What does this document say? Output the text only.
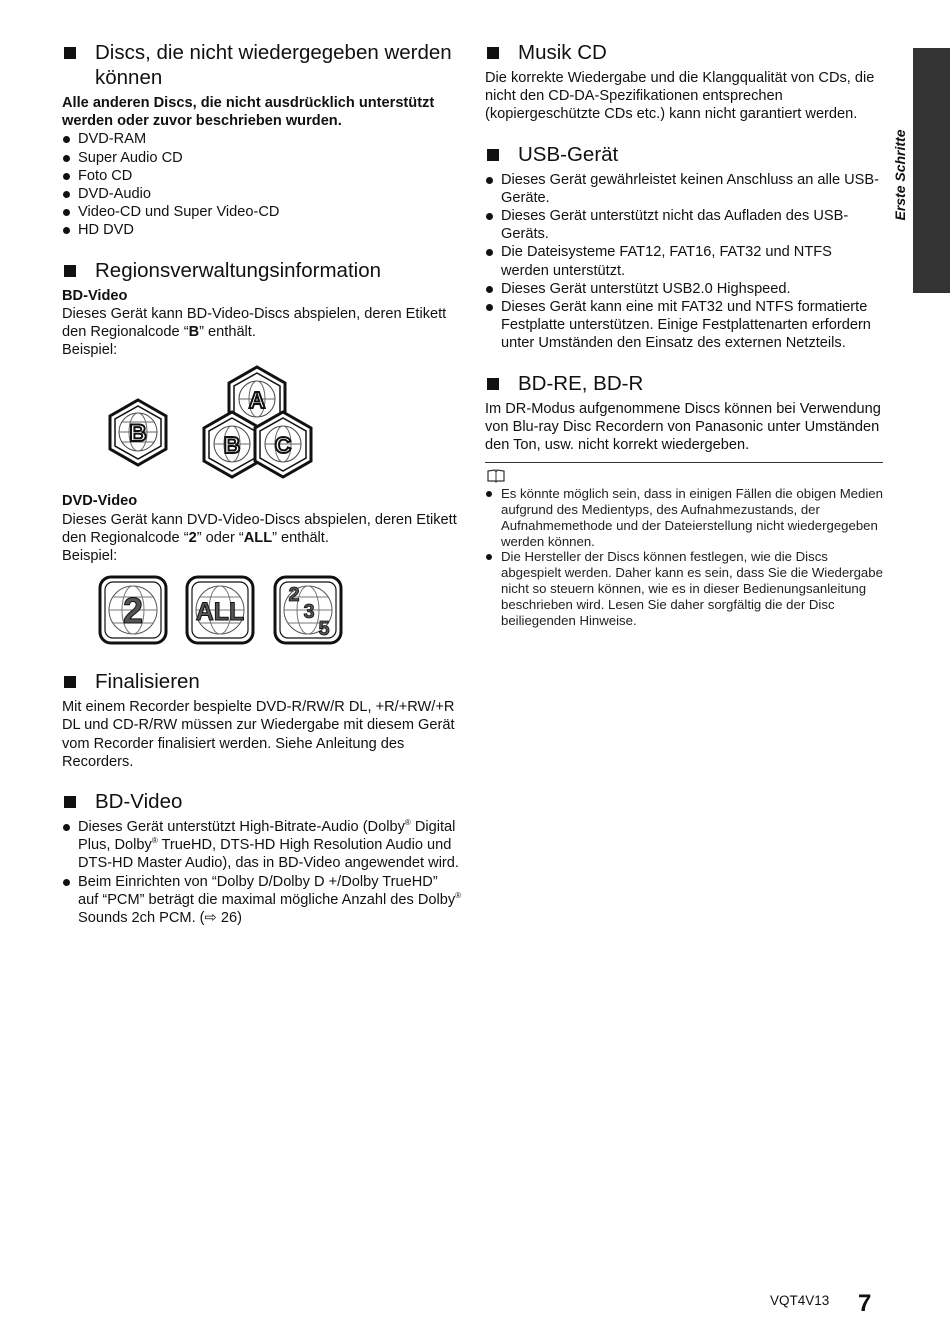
Erste Schritte
Discs, die nicht wiedergegeben werden können
Alle anderen Discs, die nicht ausdrücklich unterstützt werden oder zuvor beschrieben wurden.
DVD-RAM
Super Audio CD
Foto CD
DVD-Audio
Video-CD und Super Video-CD
HD DVD
Regionsverwaltungsinformation
BD-Video

Dieses Gerät kann BD-Video-Discs abspielen, deren Etikett den Regionalcode “B” enthält.

Beispiel:

B
A
B C
DVD-Video

Dieses Gerät kann DVD-Video-Discs abspielen, deren Etikett den Regionalcode “2” oder “ALL” enthält.

Beispiel:

2 ALL
2
3
5
Finalisieren

Mit einem Recorder bespielte DVD-R/RW/R DL, +R/+RW/+R DL und CD-R/RW müssen zur Wiedergabe mit diesem Gerät vom Recorder finalisiert werden. Siehe Anleitung des Recorders.

BD-Video
Dieses Gerät unterstützt High-Bitrate-Audio (Dolby® Digital Plus, Dolby® TrueHD, DTS-HD High Resolution Audio und DTS-HD Master Audio), das in BD-Video angewendet wird.
Beim Einrichten von “Dolby D/Dolby D +/Dolby TrueHD” auf “PCM” beträgt die maximal mögliche Anzahl des Dolby® Sounds 2ch PCM. (⇨ 26)
Musik CD

Die korrekte Wiedergabe und die Klangqualität von CDs, die nicht den CD-DA-Spezifikationen entsprechen (kopiergeschützte CDs etc.) kann nicht garantiert werden.

USB-Gerät
Dieses Gerät gewährleistet keinen Anschluss an alle USB-Geräte.
Dieses Gerät unterstützt nicht das Aufladen des USB-Geräts.
Die Dateisysteme FAT12, FAT16, FAT32 und NTFS werden unterstützt.
Dieses Gerät unterstützt USB2.0 Highspeed.
Dieses Gerät kann eine mit FAT32 und NTFS formatierte Festplatte unterstützen. Einige Festplattenarten erfordern unter Umständen den Einsatz des externen Netzteils.
BD-RE, BD-R

Im DR-Modus aufgenommene Discs können bei Verwendung von Blu-ray Disc Recordern von Panasonic unter Umständen den Ton, usw. nicht korrekt wiedergeben.

Es könnte möglich sein, dass in einigen Fällen die obigen Medien aufgrund des Medientyps, des Aufnahmezustands, der Aufnahmemethode und der Dateierstellung nicht wiedergegeben werden können.
Die Hersteller der Discs können festlegen, wie die Discs abgespielt werden. Daher kann es sein, dass Sie die Wiedergabe nicht so steuern können, wie es in dieser Bedienungsanleitung beschrieben wird. Lesen Sie daher sorgfältig die der Disc beiliegenden Hinweise.
VQT4V13 7
